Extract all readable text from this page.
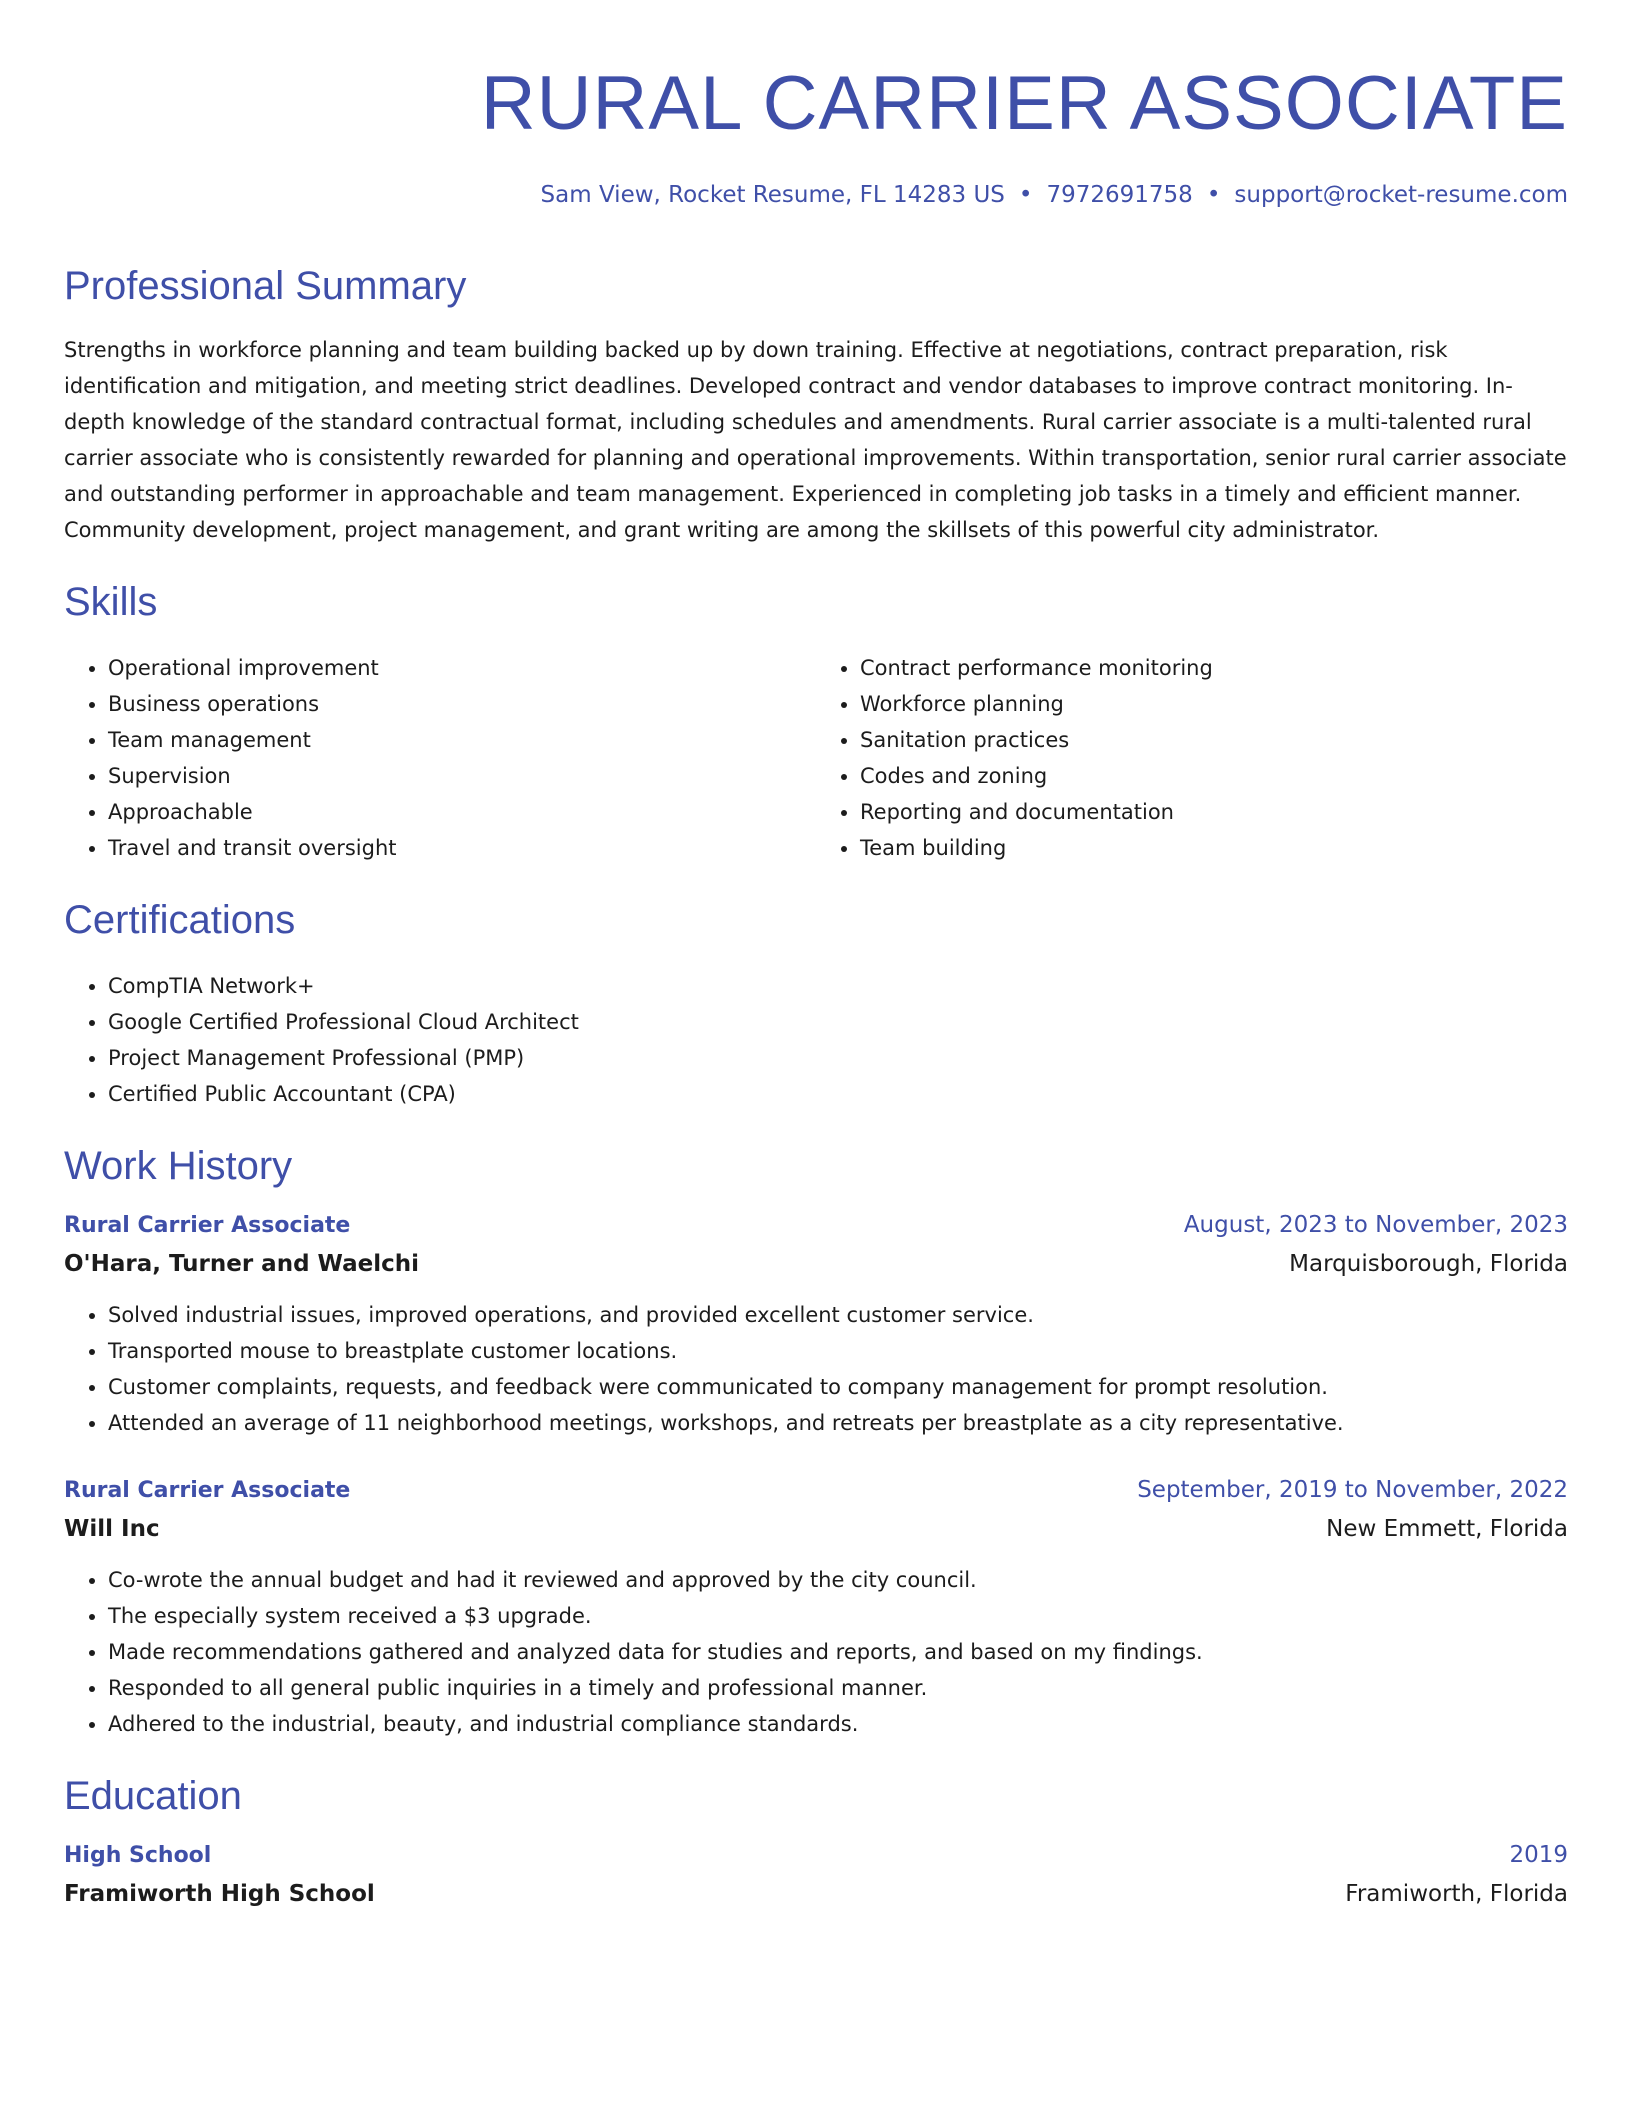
RURAL CARRIER ASSOCIATE
Sam View, Rocket Resume, FL 14283 US • 7972691758 • support@rocket-resume.com
Professional Summary

Strengths in workforce planning and team building backed up by down training. Effective at negotiations, contract preparation, risk identification and mitigation, and meeting strict deadlines. Developed contract and vendor databases to improve contract monitoring. In-depth knowledge of the standard contractual format, including schedules and amendments. Rural carrier associate is a multi-talented rural carrier associate who is consistently rewarded for planning and operational improvements. Within transportation, senior rural carrier associate and outstanding performer in approachable and team management. Experienced in completing job tasks in a timely and efficient manner. Community development, project management, and grant writing are among the skillsets of this powerful city administrator.

Skills
• Operational improvement
• Business operations
• Team management
• Supervision
• Approachable
• Travel and transit oversight
• Contract performance monitoring
• Workforce planning
• Sanitation practices
• Codes and zoning
• Reporting and documentation
• Team building
Certifications
• CompTIA Network+
• Google Certified Professional Cloud Architect
• Project Management Professional (PMP)
• Certified Public Accountant (CPA)
Work History
Rural Carrier Associate	August, 2023 to November, 2023
O'Hara, Turner and Waelchi	Marquisborough, Florida
• Solved industrial issues, improved operations, and provided excellent customer service.
• Transported mouse to breastplate customer locations.
• Customer complaints, requests, and feedback were communicated to company management for prompt resolution.
• Attended an average of 11 neighborhood meetings, workshops, and retreats per breastplate as a city representative.
Rural Carrier Associate	September, 2019 to November, 2022
Will Inc	New Emmett, Florida
• Co-wrote the annual budget and had it reviewed and approved by the city council.
• The especially system received a $3 upgrade.
• Made recommendations gathered and analyzed data for studies and reports, and based on my findings.
• Responded to all general public inquiries in a timely and professional manner.
• Adhered to the industrial, beauty, and industrial compliance standards.
Education
High School	2019
Framiworth High School	Framiworth, Florida
